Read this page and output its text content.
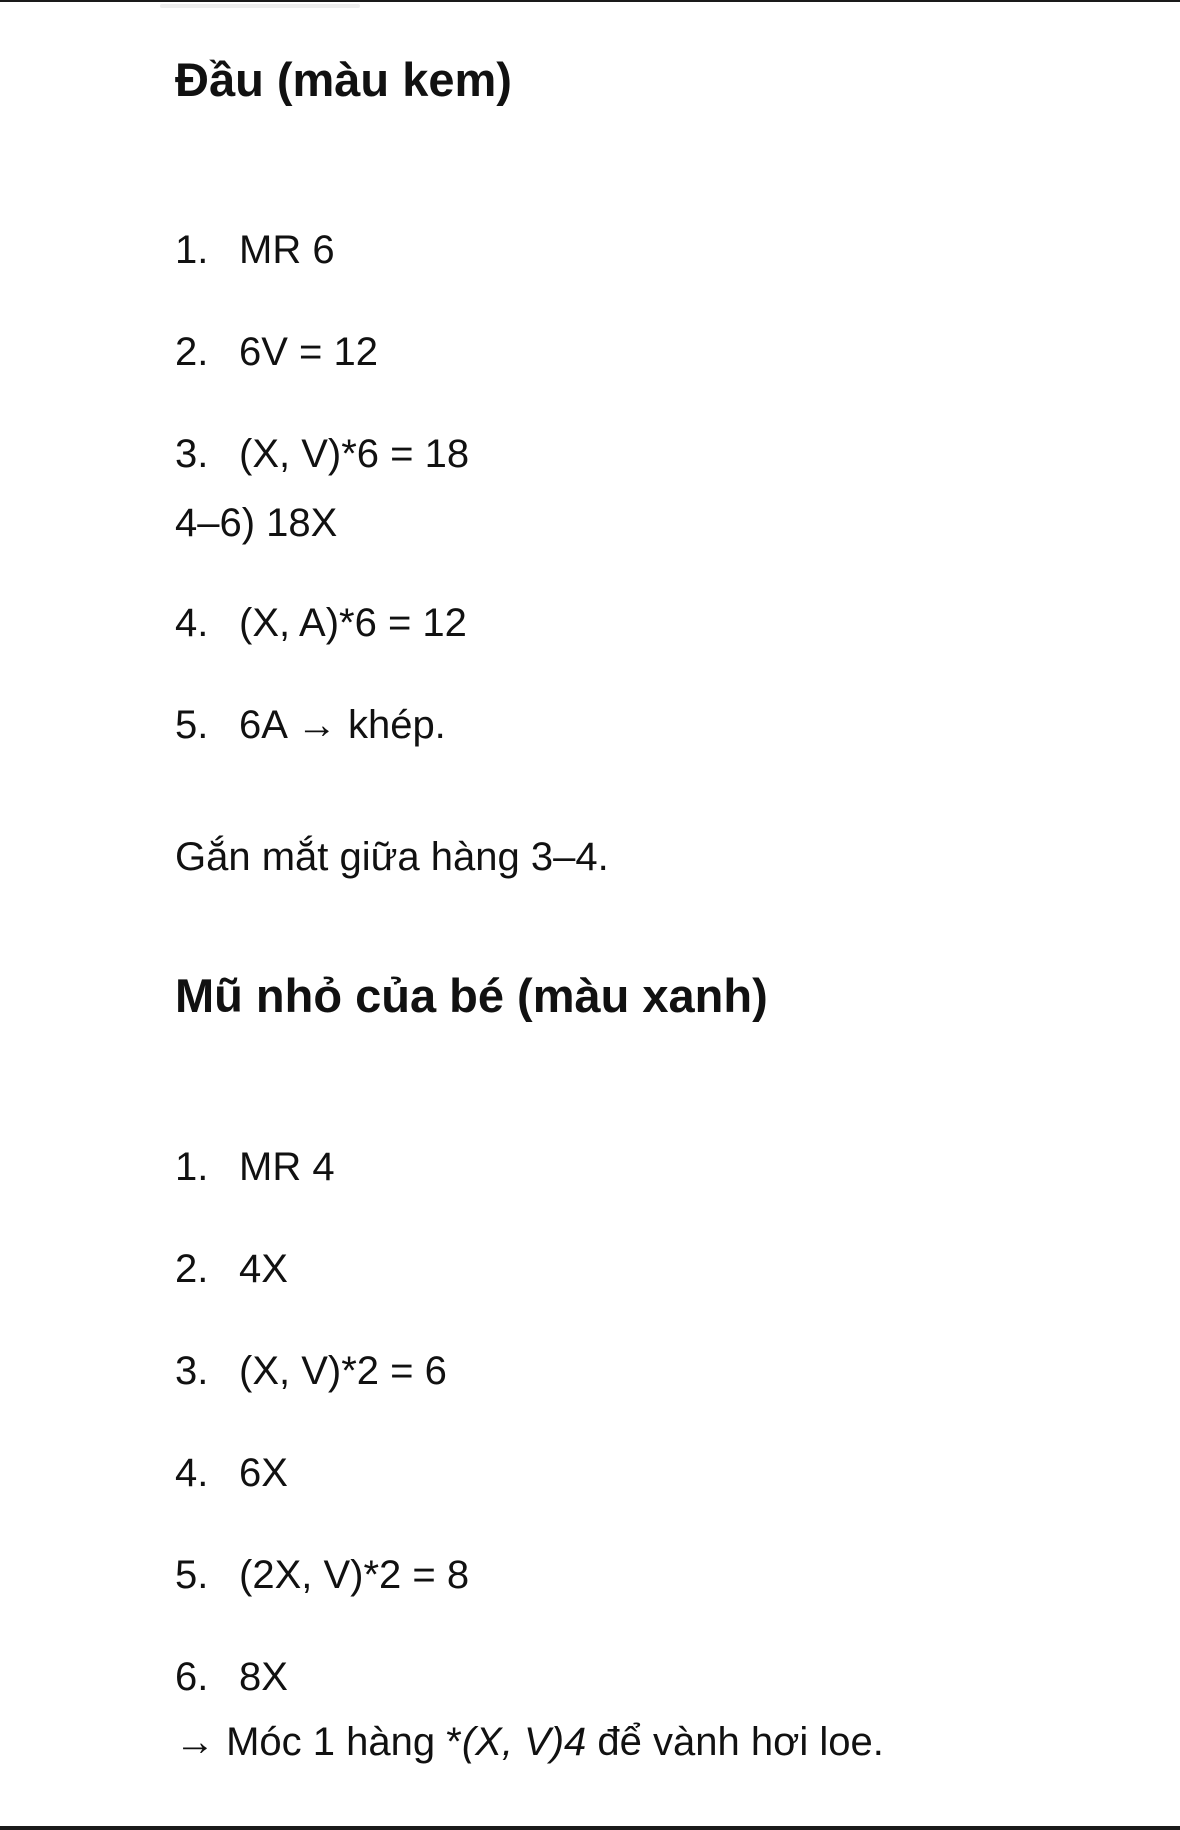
Đầu (màu kem)
1. MR 6
2. 6V = 12
3. (X, V)*6 = 18
4–6) 18X
4. (X, A)*6 = 12
5. 6A → khép.
Gắn mắt giữa hàng 3–4.
Mũ nhỏ của bé (màu xanh)
1. MR 4
2. 4X
3. (X, V)*2 = 6
4. 6X
5. (2X, V)*2 = 8
6. 8X
→ Móc 1 hàng *(X, V)4 để vành hơi loe.
